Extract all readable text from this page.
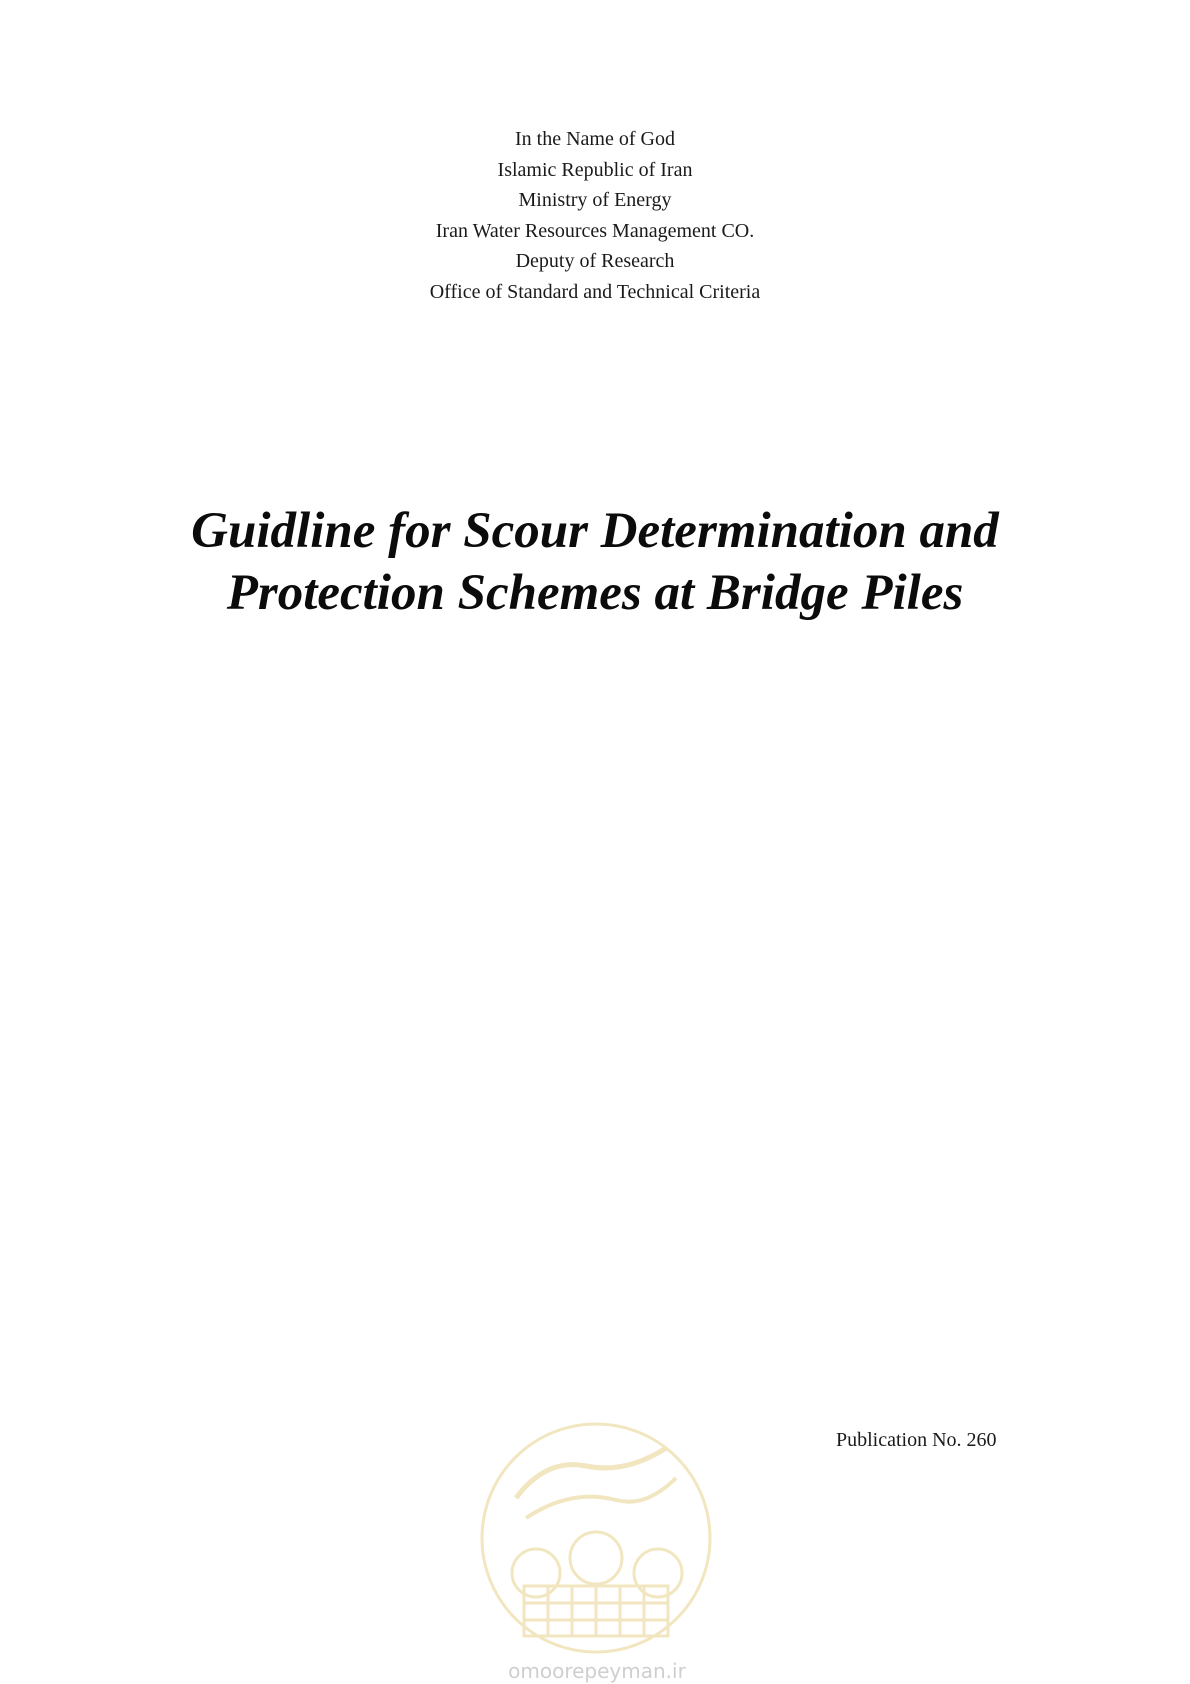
In the Name of God
Islamic Republic of Iran
Ministry of Energy
Iran Water Resources Management CO.
Deputy of Research
Office of Standard and Technical Criteria
Guidline for Scour Determination and
Protection Schemes at Bridge Piles
Publication No. 260
omoorepeyman.ir
